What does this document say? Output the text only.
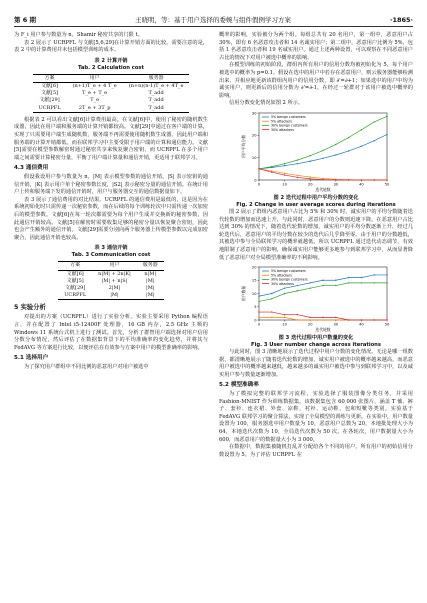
第 6 期	王晓明，等：基于用户选择的委婉与组件假例学习方案	·1865·

为 F_i 用户参与数量为 n，Shamir 秘密共享的门限 t。

表 2 展示了 UCRPFL 与文献[5,6,29]在计算开销方面的比较。需要注意的是，表 2 中的计算费用并未包括模型训练的成本。

表 2 计算开销
Tab. 2 Calculation cost
方案	用户	服务器
文献[6]	(n+1)T_e + 4 T_e	(n+n)(n-1)T_e + 4T_e
文献[5]	T_e + T_e	T_add
文献[29]	T_e	T_add
UCRPFL	2T_e + 3T_p	T_add

根据表 2 可以看出文献[6]计算费用最高。在文献[6]中，使用了秘密的随机数生成器，因此在用户端和服务端的计算开销都较高。文献[29]中通过在客户端的计算，实现了只需要用户端生成随机数，服务端不再需要使用随机数生成器，因此用户端和服务端的计算开销都低。而在联邦学习中主要受限于用户端的计算和通信能力。文献[5]需要在模型参数解密时通过秘密共享来恢复聚合密钥，而 UCRPFL 在多个用户端之间需要计算秘密分量，平衡了用户端计算量和通信开销，更适用于联邦学习。

4.3 通信费用

假设我设用户参与数量为 n，|M| 表示模型参数的通信开销，|S| 表示密钥的通信开销，|K| 表示用户单个秘密参数长度，|S2| 表示秘密分量的通信开销。在统计用户上传和服务端下发的通信开销时，用户与服务器交互的通信数据量如下。

表 3 展示了通信费用的对比结果。UCRPFL 的通信费用是最低的，这是因为在系统初始化时只需传递一次秘密参数，而在后续的每个训练轮次中只需传递一次加密后的模型参数。文献[6]在每一轮次都需要为每个用户生成并交换新的秘密参数，因此通信开销较高。文献[5]在解密时需要收集足够的秘密分量以恢复聚合密钥，因此也会产生额外的通信开销。文献[29]需要分别向两个服务器上传模型参数以完成加密聚合，因此通信开销也较高。

表 3 通信开销
Tab. 3 Communication cost
方案	用户	服务器
文献[6]	n|M| + 2n|K|	n|M|
文献[5]	|M| + n|S|	|M|
文献[29]	2|M|	|M|
UCRPFL	|M|	|M|
5 实验分析

对提出的方案（UCRPFL）进行了实验分析。实验主要采用 Python 编程语言，并在配置了 Intel i5-12400F 处理器，16 GB 内存，2.5 GHz 主频的 Windows 11 系统台式机上进行了测试。首先，分析了群智用户端选择对用户信用分数分布情况，然后评估了在数据集背景下的平均准确率的变化趋势，并将其与 FedAVG 等方案进行比较，以便评估在有效参与方案中用户的模型准确率的影响。

5.1 选择用户

为了探究用户群组中不同比例的恶意用户对用户被选中

概率的影响，实验被分为两个组。每组总共有 20 名用户，第一组中，恶意用户占 30%，即有 6 名恶意攻击者和 14 名诚实用户；第二组中，恶意用户比例为 5%，包括 1 名恶意攻击者和 19 名诚实用户。通过上述两种设置，可以观察在不同恶意用户占比的情况下对用户被选中概率的影响。

在模型训练的初始阶段，群组内所有用户的信用分数均被初始化为 5，每个用户被选中的概率为 p=0.1。假设在选中的用户中若存在恶意用户，则云服务器能够检测出来，并相应地更新该群组内用户的信用分数，即 ∂'=∂+1；如果选中的用户中均为诚实用户，则更新后的信用分数为 ∂'=∂-1。在经过一轮群对于该用户被选中概率的影响。

信用分数变化情况如图 2 所示。

0	10	20	30	40	50
0
10
20
30
迭代轮数
用户平均分数
5% benign customers
5% attackers
30% benign customers
30% attackers
图 2 迭代过程中用户平均分数的变化
Fig. 2 Change in user average scores during iterations

图 2 展示了群组内恶意用户占比为 5% 和 30% 时，诚实用户的平均分数随着迭代轮数的增加而迅速上升，与此同时，恶意用户的分数则迅速下降。在恶意用户占比达到 30% 的情况下，随着迭代轮数的增加，诚实用户的平均分数逐渐上升，经过几轮迭代后，恶意用户的平均分数在较少的迭代后几乎降至零。由于用户的分数越低，其被选中参与全局联邦学习的概率就越低，所以 UCRPFL 通过迭代动态调节，有效地限制了恶意用户的影响，确保诚实用户能够更多地参与到联邦学习中，从而显著降低了恶意用户对全局模型准确率的不利影响。

0	10	20	30	40	50
0
5
10
15
20
迭代轮数
用户数量
5% benign customers
5% attackers
30% benign customers
30% attackers
图 3 迭代过程中用户数量的变化
Fig. 3 User number change across iterations

与此同时，图 3 清晰地展示了迭代过程中用户分数的变化情况。无论是哪一组数据，都清晰地展示了随着迭代轮数的增加，诚实用户被选中的概率越来越高，而恶意用户被选中的概率越来越低，越来越多的诚实用户被选中参与到联邦学习中，以及诚实用户参与数量逐渐增加。

5.2 模型准确率

为了模拟完整的联邦学习流程，实验选择了服装图像分类任务，并采用 Fashion-MNIST 作为训练数据集。该数据集包含 60 000 张图片，涵盖 T 恤、裤子、套衫、连衣裙、外套、凉鞋、衬衫、运动鞋、包和短靴等类别。实验基于 FedAVG 联邦学习的聚合算法，实现了全局模型的训练与更新。在实验中，用户数量设置为 100，服务器选中用户数量为 10，恶意用户总数为 20，本地批处理大小为 64，本地迭代次数为 10，全局迭代次数为 50 次。在各轮次，用户数据量大小为 600，而恶意用户的数据量大小为 3 000。

在数据中，数据集被随机打乱并分配给各个不同的用户，所有用户的初始信用分数设置为 5。为了评估 UCRPFL 在
